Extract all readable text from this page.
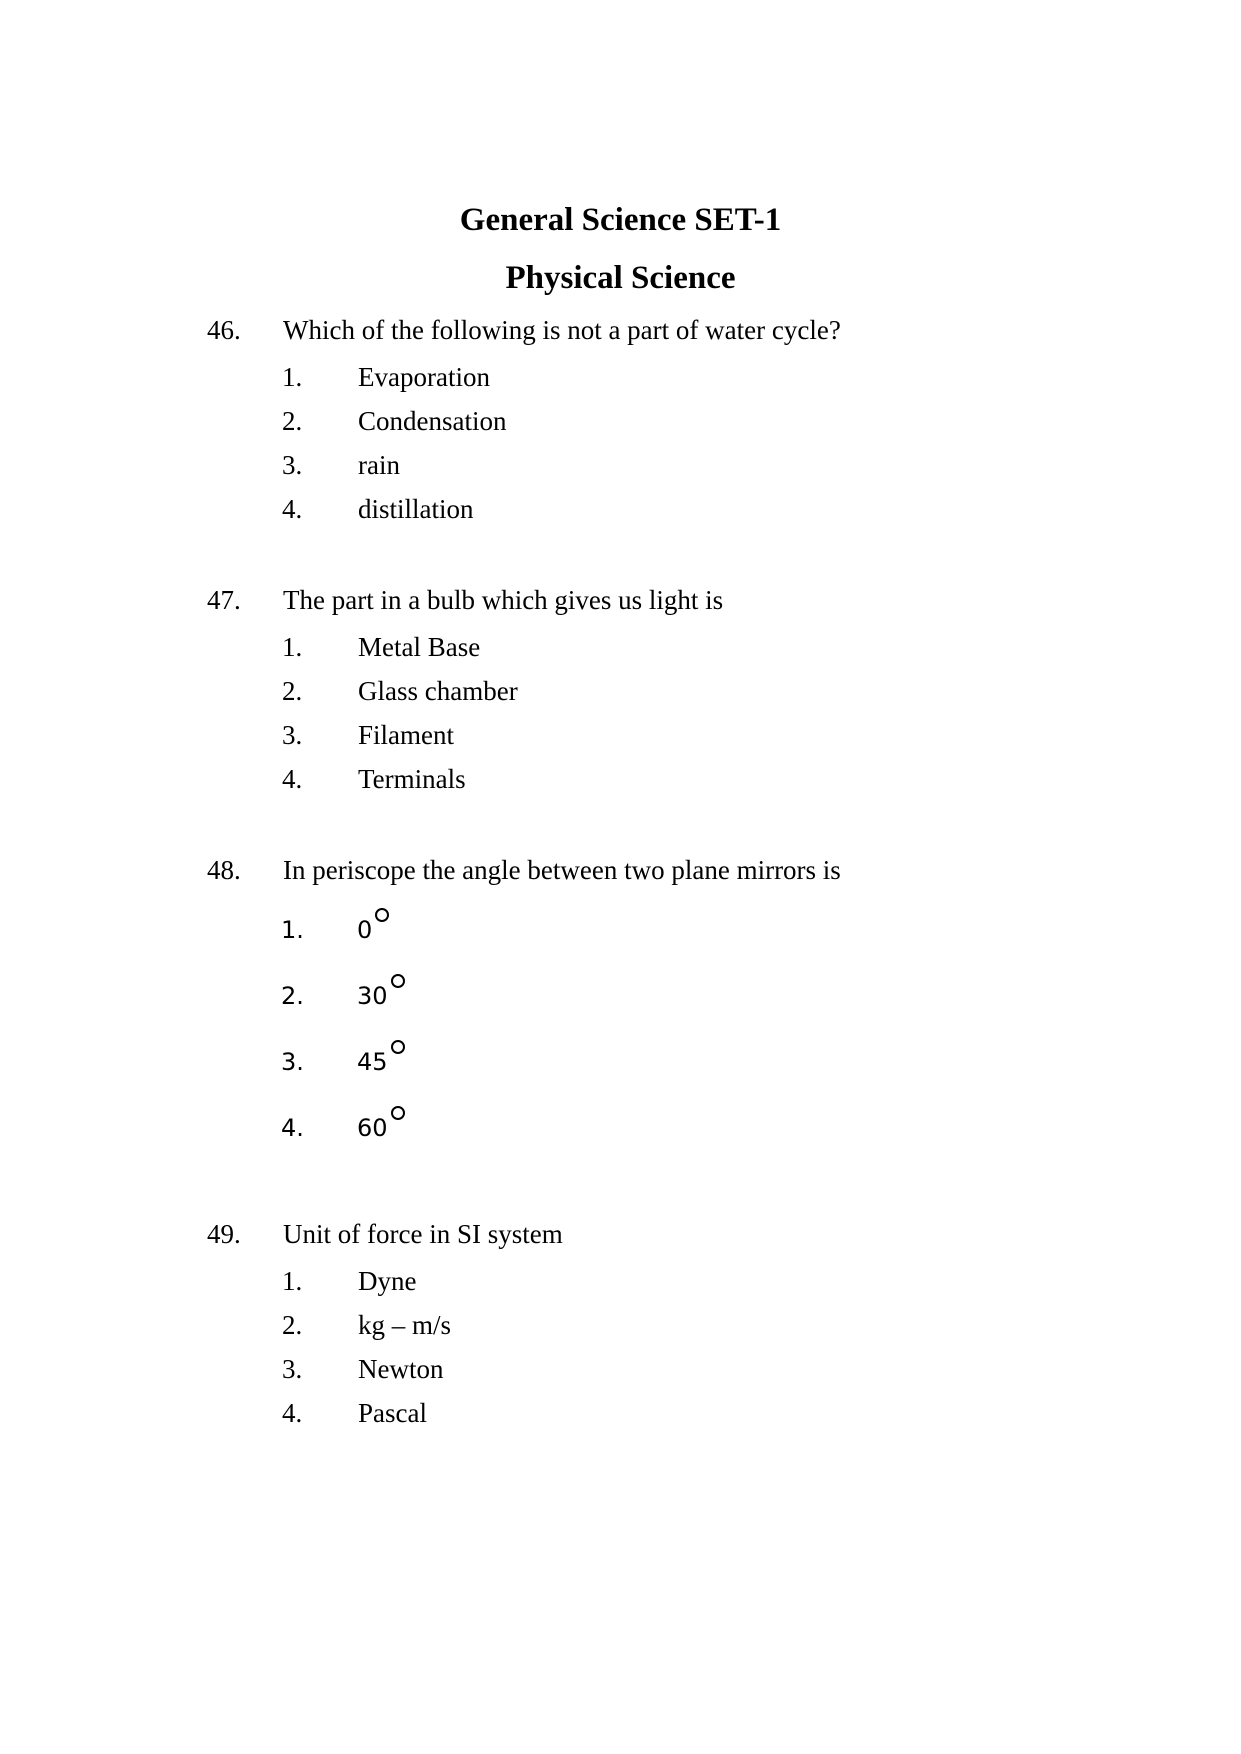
General Science SET-1
Physical Science
46. Which of the following is not a part of water cycle?
1. Evaporation
2. Condensation
3. rain
4. distillation
47. The part in a bulb which gives us light is
1. Metal Base
2. Glass chamber
3. Filament
4. Terminals
48. In periscope the angle between two plane mirrors is
1. 0
2. 30
3. 45
4. 60
49. Unit of force in SI system
1. Dyne
2. kg – m/s
3. Newton
4. Pascal
